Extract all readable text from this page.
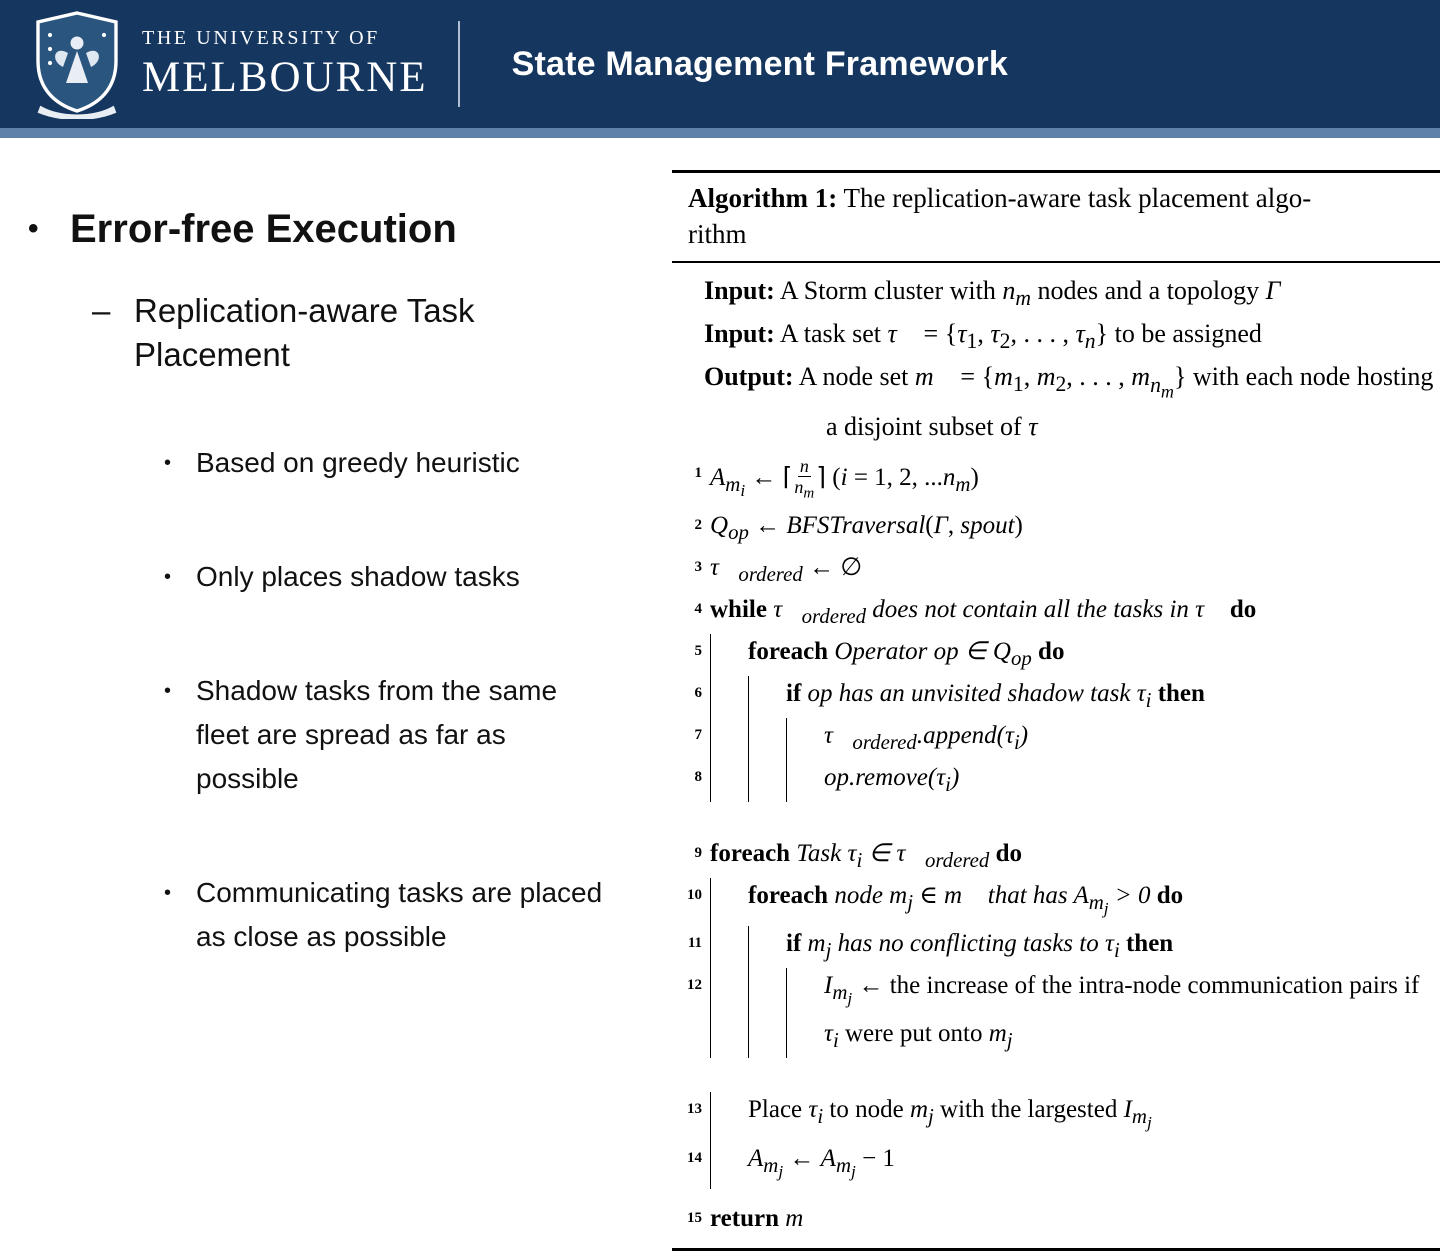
THE UNIVERSITY OF
MELBOURNE State Management Framework
• Error-free Execution
– Replication-aware Task Placement
• Based on greedy heuristic
• Only places shadow tasks
• Shadow tasks from the same fleet are spread as far as possible
• Communicating tasks are placed as close as possible
Algorithm 1: The replication-aware task placement algo-
rithm
Input: A Storm cluster with $n_m$ nodes and a topology Γ
Input: A task set τ⃗ = {$\tau_1$, $\tau_2$, . . . , $\tau_n$} to be assigned
Output: A node set m⃗ = {$m_1$, $m_2$, . . . , $m_{n_m}$} with each node hosting a disjoint subset of τ⃗
1 $A_{m_i}$ ← ⌈ $\frac{n}{n_m}$ ⌉ (i = 1, 2, $...n_m$)
2 $Q_{op}$ ← BFSTraversal(Γ, spout)
3 $\tau⃗_{ordered}$ ← ∅
4 while $\tau⃗_{ordered}$ does not contain all the tasks in τ⃗ do
5 foreach Operator op ∈ $Q_{op}$ do
6	if op has an unvisited shadow task $\tau_i$ then
7	$\tau⃗_{ordered}.append(\tau_i)$
8	$op.remove(\tau_i)$
9 foreach Task $\tau_i$ ∈ $\tau⃗_{ordered}$ do
10 foreach node $m_j$ ∈ m⃗ that has $A_{m_j} > 0$ do
11	if $m_j$ has no conflicting tasks to $\tau_i$ then
12	$I_{m_j}$ ← the increase of the intra-node communication pairs if $\tau_i$ were put onto $m_j$
13 Place $\tau_i$ to node $m_j$ with the largested $I_{m_j}$
14 $A_{m_j}$ ← $A_{m_j} - 1$
15 return m⃗
